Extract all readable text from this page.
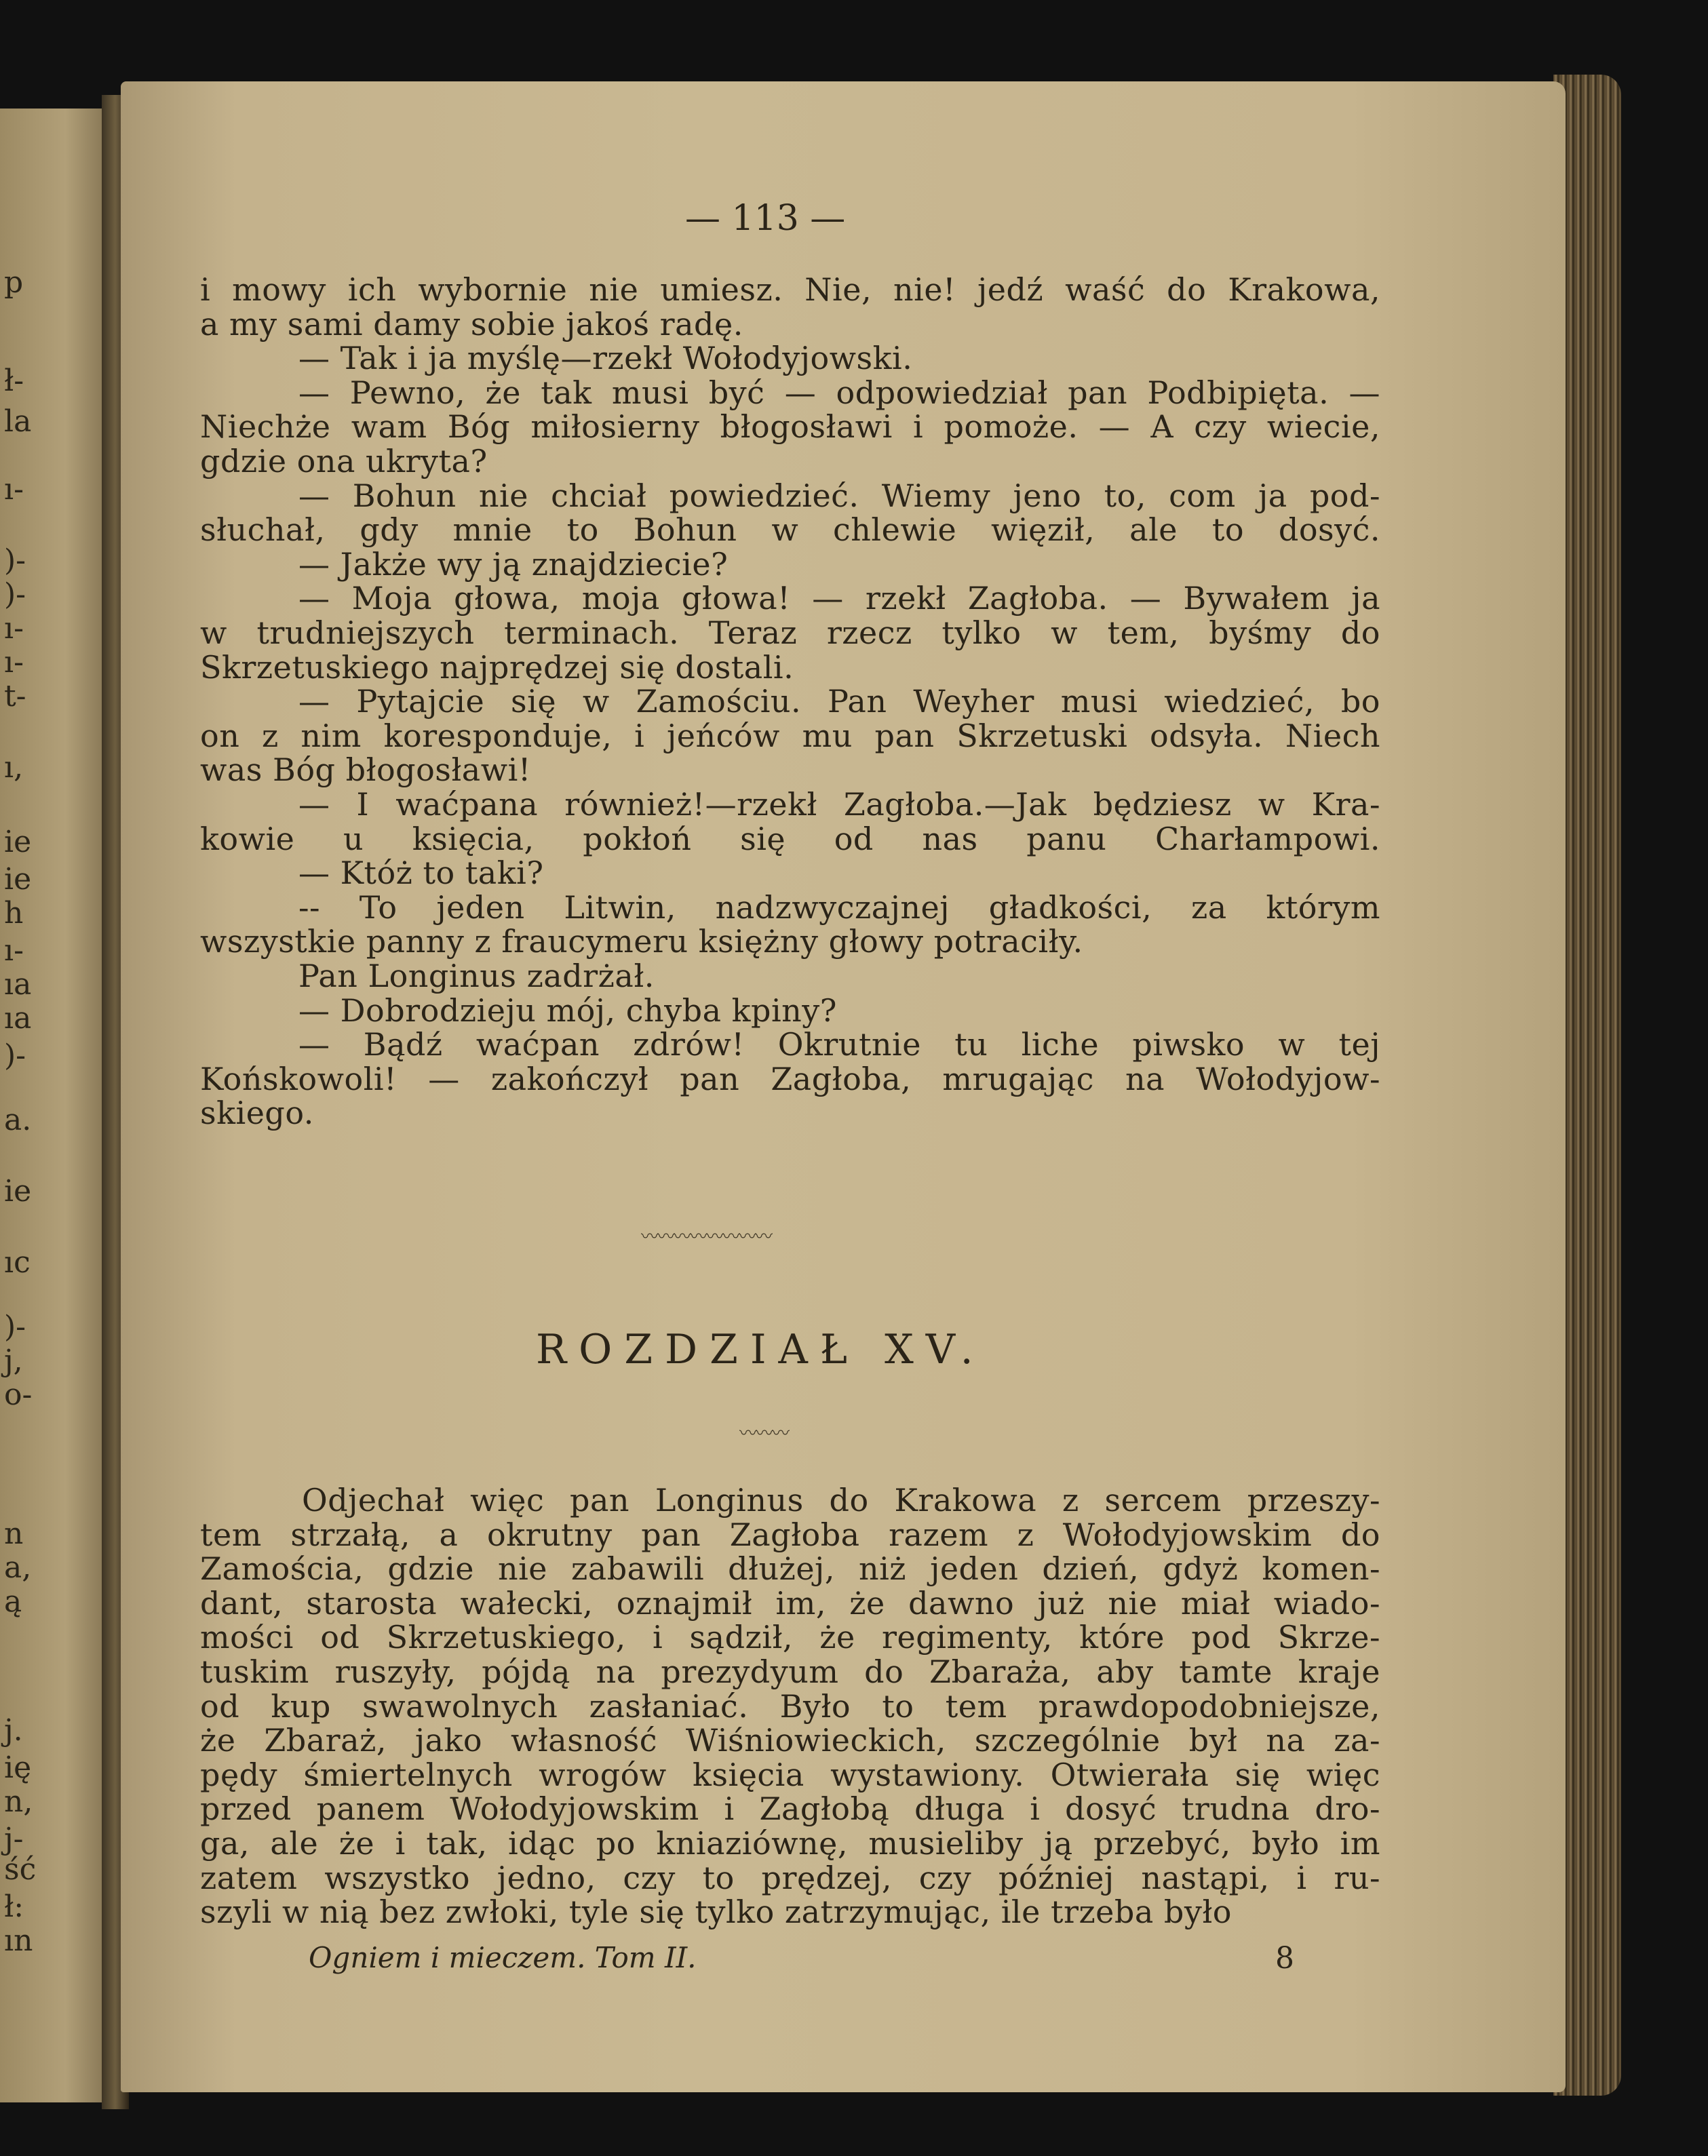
p
ł-
la
ı-
)-
)-
ı-
ı-
t-
ı,
ie
ie
h
ı-
ıa
ıa
)-
a.
ie
ıc
)-
j,
o-
n
a,
ą
j.
ię
n,
j-
ść
ł:
ın
— 113 —
i mowy ich wybornie nie umiesz. Nie, nie! jedź waść do Krakowa,
a my sami damy sobie jakoś radę.
— Tak i ja myślę—rzekł Wołodyjowski.
— Pewno, że tak musi być — odpowiedział pan Podbipięta. —
Niechże wam Bóg miłosierny błogosławi i pomoże. — A czy wiecie,
gdzie ona ukryta?
— Bohun nie chciał powiedzieć. Wiemy jeno to, com ja pod-
słuchał, gdy mnie to Bohun w chlewie więził, ale to dosyć.
— Jakże wy ją znajdziecie?
— Moja głowa, moja głowa! — rzekł Zagłoba. — Bywałem ja
w trudniejszych terminach. Teraz rzecz tylko w tem, byśmy do
Skrzetuskiego najprędzej się dostali.
— Pytajcie się w Zamościu. Pan Weyher musi wiedzieć, bo
on z nim koresponduje, i jeńców mu pan Skrzetuski odsyła. Niech
was Bóg błogosławi!
— I waćpana również!—rzekł Zagłoba.—Jak będziesz w Kra-
kowie u księcia, pokłoń się od nas panu Charłampowi.
— Któż to taki?
-- To jeden Litwin, nadzwyczajnej gładkości, za którym
wszystkie panny z fraucymeru księżny głowy potraciły.
Pan Longinus zadrżał.
— Dobrodzieju mój, chyba kpiny?
— Bądź waćpan zdrów! Okrutnie tu liche piwsko w tej
Końskowoli! — zakończył pan Zagłoba, mrugając na Wołodyjow-
skiego.
Odjechał więc pan Longinus do Krakowa z sercem przeszy-
tem strzałą, a okrutny pan Zagłoba razem z Wołodyjowskim do
Zamościa, gdzie nie zabawili dłużej, niż jeden dzień, gdyż komen-
dant, starosta wałecki, oznajmił im, że dawno już nie miał wiado-
mości od Skrzetuskiego, i sądził, że regimenty, które pod Skrze-
tuskim ruszyły, pójdą na prezydyum do Zbaraża, aby tamte kraje
od kup swawolnych zasłaniać. Było to tem prawdopodobniejsze,
że Zbaraż, jako własność Wiśniowieckich, szczególnie był na za-
pędy śmiertelnych wrogów księcia wystawiony. Otwierała się więc
przed panem Wołodyjowskim i Zagłobą długa i dosyć trudna dro-
ga, ale że i tak, idąc po kniaziównę, musieliby ją przebyć, było im
zatem wszystko jedno, czy to prędzej, czy później nastąpi, i ru-
szyli w nią bez zwłoki, tyle się tylko zatrzymując, ile trzeba było
〰〰〰〰〰〰〰〰
ROZDZIAŁ XV.
〰〰〰
Ogniem i mieczem. Tom II.	8
